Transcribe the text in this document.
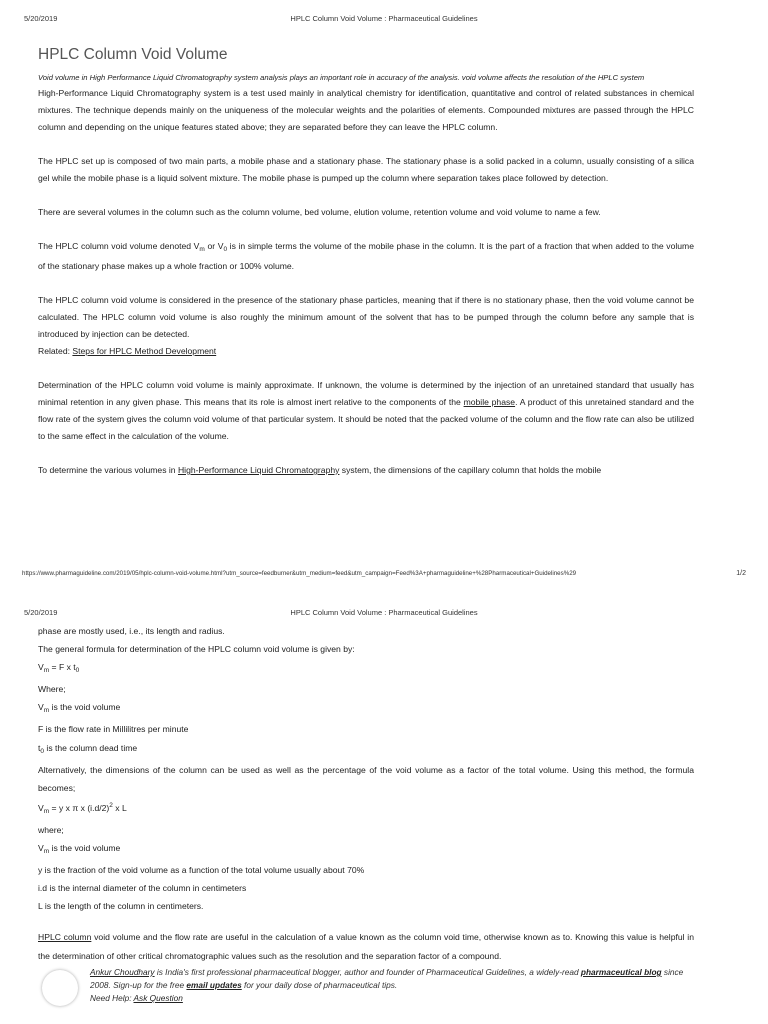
5/20/2019	HPLC Column Void Volume : Pharmaceutical Guidelines
HPLC Column Void Volume
Void volume in High Performance Liquid Chromatography system analysis plays an important role in accuracy of the analysis. void volume affects the resolution of the HPLC system

High-Performance Liquid Chromatography system is a test used mainly in analytical chemistry for identification, quantitative and control of related substances in chemical mixtures. The technique depends mainly on the uniqueness of the molecular weights and the polarities of elements. Compounded mixtures are passed through the HPLC column and depending on the unique features stated above; they are separated before they can leave the HPLC column.

The HPLC set up is composed of two main parts, a mobile phase and a stationary phase. The stationary phase is a solid packed in a column, usually consisting of a silica gel while the mobile phase is a liquid solvent mixture. The mobile phase is pumped up the column where separation takes place followed by detection.

There are several volumes in the column such as the column volume, bed volume, elution volume, retention volume and void volume to name a few.

The HPLC column void volume denoted $V_m$ or $V_0$ is in simple terms the volume of the mobile phase in the column. It is the part of a fraction that when added to the volume of the stationary phase makes up a whole fraction or 100% volume.

The HPLC column void volume is considered in the presence of the stationary phase particles, meaning that if there is no stationary phase, then the void volume cannot be calculated. The HPLC column void volume is also roughly the minimum amount of the solvent that has to be pumped through the column before any sample that is introduced by injection can be detected.

Related: Steps for HPLC Method Development

Determination of the HPLC column void volume is mainly approximate. If unknown, the volume is determined by the injection of an unretained standard that usually has minimal retention in any given phase. This means that its role is almost inert relative to the components of the mobile phase. A product of this unretained standard and the flow rate of the system gives the column void volume of that particular system. It should be noted that the packed volume of the column and the flow rate can also be utilized to the same effect in the calculation of the volume.

To determine the various volumes in High-Performance Liquid Chromatography system, the dimensions of the capillary column that holds the mobile

https://www.pharmaguideline.com/2019/05/hplc-column-void-volume.html?utm_source=feedburner&utm_medium=feed&utm_campaign=Feed%3A+pharmaguideline+%28Pharmaceutical+Guidelines%29	1/2
5/20/2019	HPLC Column Void Volume : Pharmaceutical Guidelines
phase are mostly used, i.e., its length and radius.
The general formula for determination of the HPLC column void volume is given by:
$V_m = F$ x $t_0$
Where;
$V_m$ is the void volume
F is the flow rate in Millilitres per minute
$t_0$ is the column dead time
Alternatively, the dimensions of the column can be used as well as the percentage of the void volume as a factor of the total volume. Using this method, the formula becomes;
$V_m = y$ x π x $(i.d/2)^2$ x L
where;
$V_m$ is the void volume
y is the fraction of the void volume as a function of the total volume usually about 70%
i.d is the internal diameter of the column in centimeters
L is the length of the column in centimeters.
HPLC column void volume and the flow rate are useful in the calculation of a value known as the column void time, otherwise known as to. Knowing this value is helpful in the determination of other critical chromatographic values such as the resolution and the separation factor of a compound.
Ankur Choudhary is India's first professional pharmaceutical blogger, author and founder of Pharmaceutical Guidelines, a widely-read pharmaceutical blog since 2008. Sign-up for the free email updates for your daily dose of pharmaceutical tips.
Need Help: Ask Question
